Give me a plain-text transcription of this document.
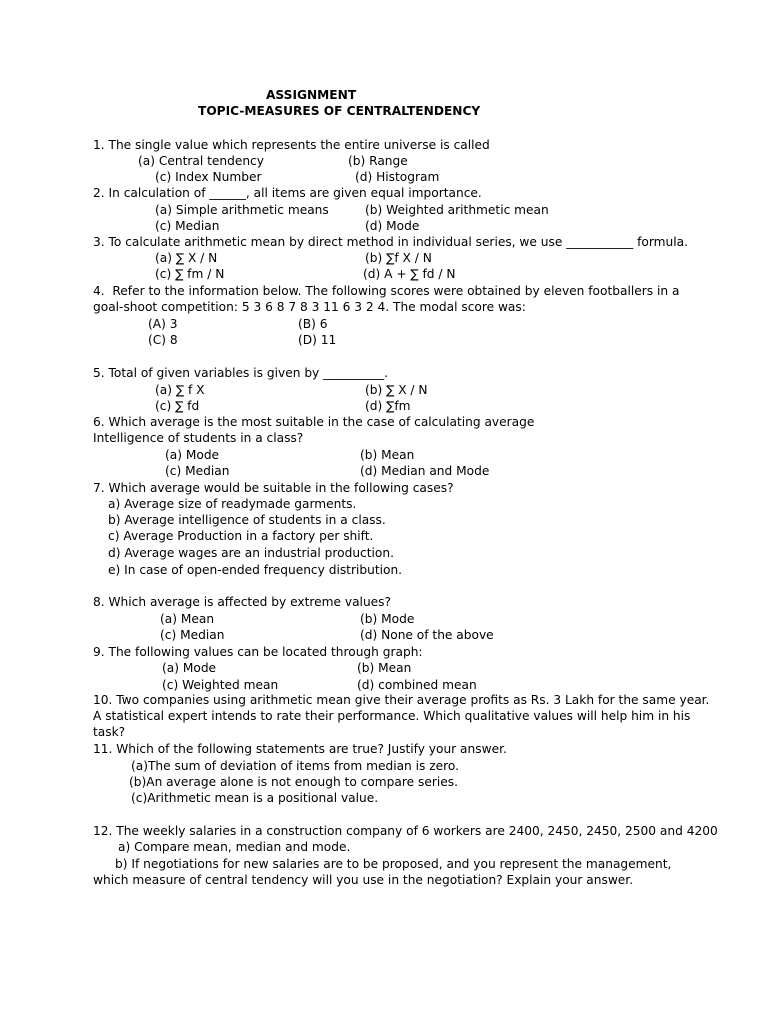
ASSIGNMENT
TOPIC-MEASURES OF CENTRALTENDENCY
1. The single value which represents the entire universe is called
(a) Central tendency	(b) Range
(c) Index Number	(d) Histogram
2. In calculation of ______, all items are given equal importance.
(a) Simple arithmetic means	(b) Weighted arithmetic mean
(c) Median	(d) Mode
3. To calculate arithmetic mean by direct method in individual series, we use ___________ formula.
(a) ∑ X / N	(b) ∑f X / N
(c) ∑ fm / N	(d) A + ∑ fd / N
4.  Refer to the information below. The following scores were obtained by eleven footballers in a
goal-shoot competition: 5 3 6 8 7 8 3 11 6 3 2 4. The modal score was:
(A) 3	(B) 6
(C) 8	(D) 11
5. Total of given variables is given by __________.
(a) ∑ f X	(b) ∑ X / N
(c) ∑ fd	(d) ∑fm
6. Which average is the most suitable in the case of calculating average
Intelligence of students in a class?
(a) Mode	(b) Mean
(c) Median	(d) Median and Mode
7. Which average would be suitable in the following cases?
a) Average size of readymade garments.
b) Average intelligence of students in a class.
c) Average Production in a factory per shift.
d) Average wages are an industrial production.
e) In case of open-ended frequency distribution.
8. Which average is affected by extreme values?
(a) Mean	(b) Mode
(c) Median	(d) None of the above
9. The following values can be located through graph:
(a) Mode	(b) Mean
(c) Weighted mean	(d) combined mean
10. Two companies using arithmetic mean give their average profits as Rs. 3 Lakh for the same year.
A statistical expert intends to rate their performance. Which qualitative values will help him in his
task?
11. Which of the following statements are true? Justify your answer.
(a)The sum of deviation of items from median is zero.
(b)An average alone is not enough to compare series.
(c)Arithmetic mean is a positional value.
12. The weekly salaries in a construction company of 6 workers are 2400, 2450, 2450, 2500 and 4200
a) Compare mean, median and mode.
b) If negotiations for new salaries are to be proposed, and you represent the management,
which measure of central tendency will you use in the negotiation? Explain your answer.
